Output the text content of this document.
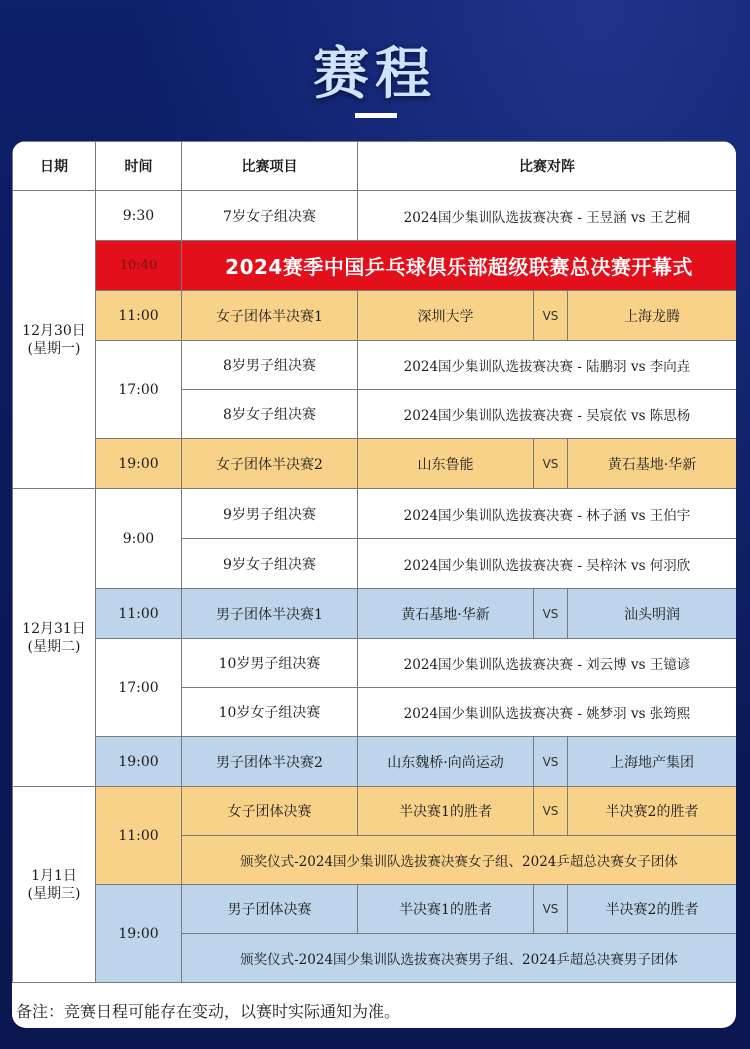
赛程
日期	时间	比赛项目	比赛对阵		
12月30日
(星期一)	9:30	7岁女子组决赛	2024国少集训队选拔赛决赛 - 王昱涵 vs 王艺桐		
	10:40	2024赛季中国乒乓球俱乐部超级联赛总决赛开幕式			
	11:00	女子团体半决赛1	深圳大学	VS	上海龙腾
	17:00	8岁男子组决赛	2024国少集训队选拔赛决赛 - 陆鹏羽 vs 李向垚		
		8岁女子组决赛	2024国少集训队选拔赛决赛 - 吴宸依 vs 陈思杨		
	19:00	女子团体半决赛2	山东鲁能	VS	黄石基地·华新
12月31日
(星期二)	9:00	9岁男子组决赛	2024国少集训队选拔赛决赛 - 林子涵 vs 王伯宇		
		9岁女子组决赛	2024国少集训队选拔赛决赛 - 吴梓沐 vs 何羽欣		
	11:00	男子团体半决赛1	黄石基地·华新	VS	汕头明润
	17:00	10岁男子组决赛	2024国少集训队选拔赛决赛 - 刘云博 vs 王镱谚		
		10岁女子组决赛	2024国少集训队选拔赛决赛 - 姚梦羽 vs 张筠熙		
	19:00	男子团体半决赛2	山东魏桥·向尚运动	VS	上海地产集团
1月1日
(星期三)	11:00	女子团体决赛	半决赛1的胜者	VS	半决赛2的胜者
		颁奖仪式-2024国少集训队选拔赛决赛女子组、2024乒超总决赛女子团体			
	19:00	男子团体决赛	半决赛1的胜者	VS	半决赛2的胜者
		颁奖仪式-2024国少集训队选拔赛决赛男子组、2024乒超总决赛男子团体			
备注：竞赛日程可能存在变动，以赛时实际通知为准。
